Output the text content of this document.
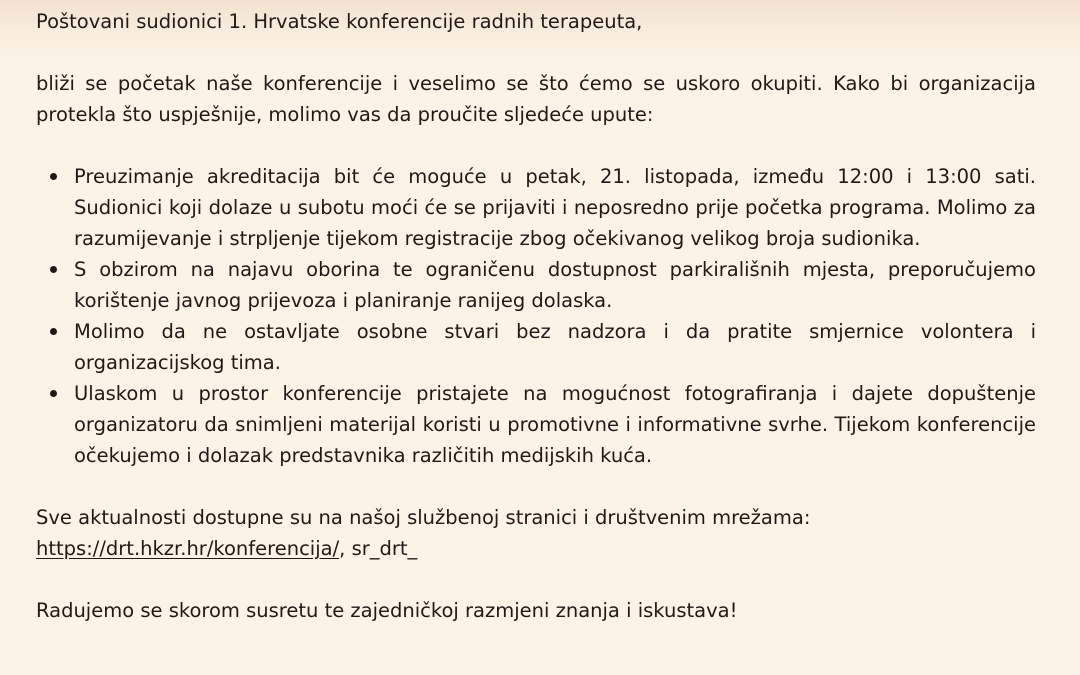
Poštovani sudionici 1. Hrvatske konferencije radnih terapeuta,

bliži se početak naše konferencije i veselimo se što ćemo se uskoro okupiti. Kako bi organizacija protekla što uspješnije, molimo vas da proučite sljedeće upute:

Preuzimanje akreditacija bit će moguće u petak, 21. listopada, između 12:00 i 13:00 sati. Sudionici koji dolaze u subotu moći će se prijaviti i neposredno prije početka programa. Molimo za razumijevanje i strpljenje tijekom registracije zbog očekivanog velikog broja sudionika.
S obzirom na najavu oborina te ograničenu dostupnost parkirališnih mjesta, preporučujemo korištenje javnog prijevoza i planiranje ranijeg dolaska.
Molimo da ne ostavljate osobne stvari bez nadzora i da pratite smjernice volontera i organizacijskog tima.
Ulaskom u prostor konferencije pristajete na mogućnost fotografiranja i dajete dopuštenje organizatoru da snimljeni materijal koristi u promotivne i informativne svrhe. Tijekom konferencije očekujemo i dolazak predstavnika različitih medijskih kuća.

Sve aktualnosti dostupne su na našoj službenoj stranici i društvenim mrežama:
https://drt.hkzr.hr/konferencija/, sr_drt_

Radujemo se skorom susretu te zajedničkoj razmjeni znanja i iskustava!
